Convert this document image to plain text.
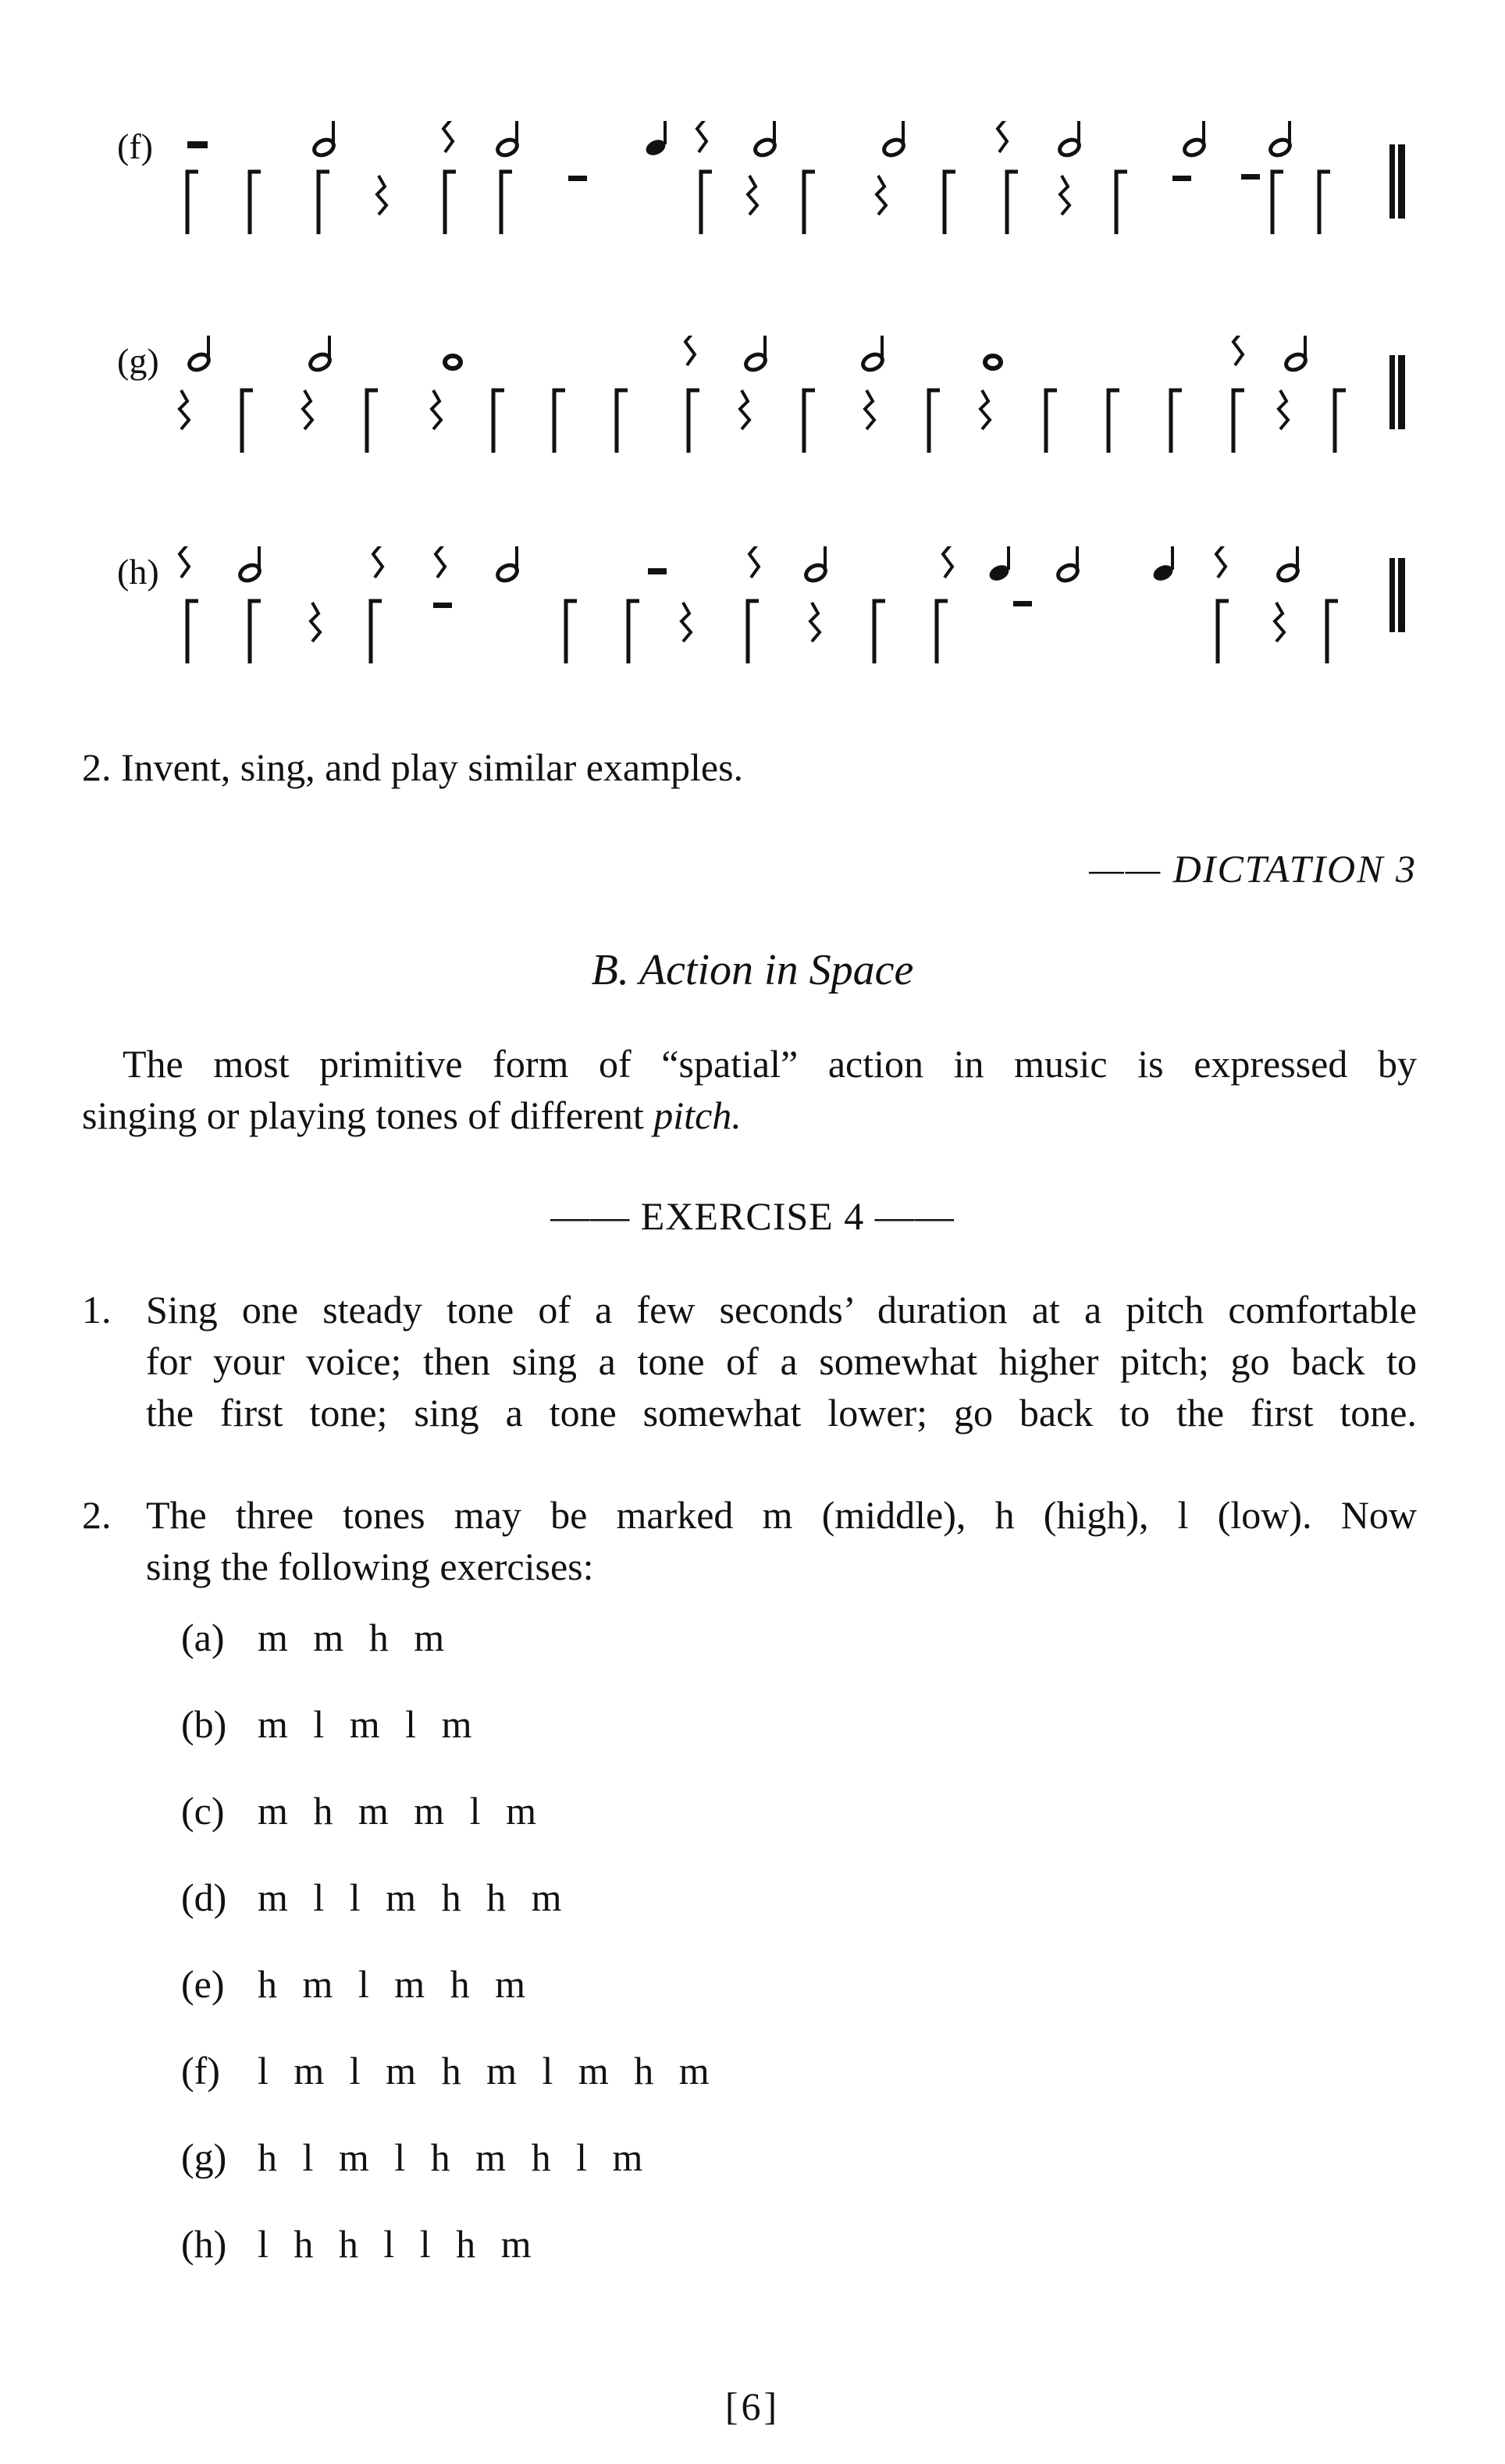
(f)
(g)
(h)
2. Invent, sing, and play similar examples.
—— DICTATION 3
B. Action in Space
The most primitive form of “spatial” action in music is expressed by
singing or playing tones of different pitch.
—— EXERCISE 4 ——
1. Sing one steady tone of a few seconds’ duration at a pitch comfortable
for your voice; then sing a tone of a somewhat higher pitch; go back to
the first tone; sing a tone somewhat lower; go back to the first tone.
2. The three tones may be marked m (middle), h (high), l (low). Now
sing the following exercises:
(a) m m h m
(b) m l m l m
(c) m h m m l m
(d) m l l m h h m
(e) h m l m h m
(f) l m l m h m l m h m
(g) h l m l h m h l m
(h) l h h l l h m
[6]
